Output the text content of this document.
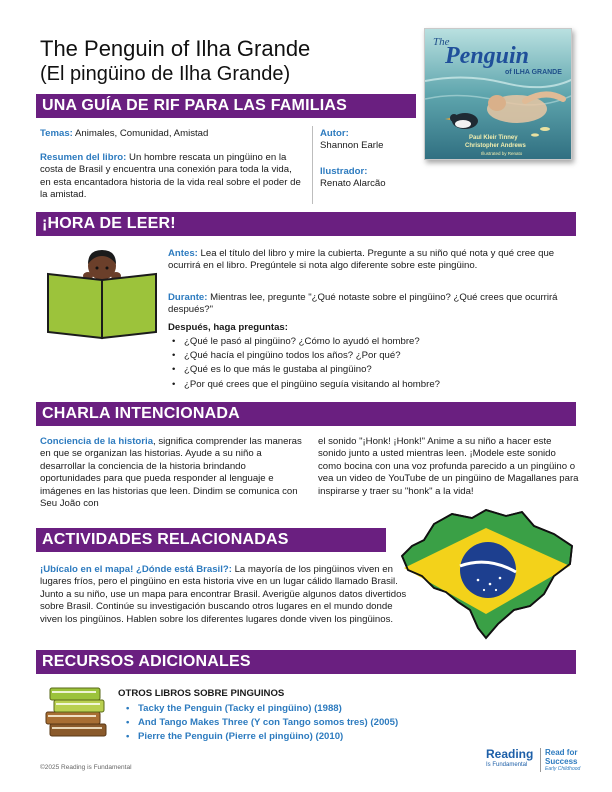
The Penguin of Ilha Grande
(El pingüino de Ilha Grande)
The
Penguin
of ILHA GRANDE
Paul Kleir Tinney
Christopher Andrews
Illustrated by Renato
UNA GUÍA DE RIF PARA LAS FAMILIAS
Temas: Animales, Comunidad, Amistad
Resumen del libro: Un hombre rescata un pingüino en la costa de Brasil y encuentra una conexión para toda la vida, en esta encantadora historia de la vida real sobre el poder de la amistad.
Autor:
Shannon Earle
Ilustrador:
Renato Alarcão
¡HORA DE LEER!
Antes: Lea el título del libro y mire la cubierta. Pregunte a su niño qué nota y qué cree que ocurrirá en el libro. Pregúntele si nota algo diferente sobre este pingüino.
Durante: Mientras lee, pregunte "¿Qué notaste sobre el pingüino? ¿Qué crees que ocurrirá después?"
Después, haga preguntas:
• ¿Qué le pasó al pingüino? ¿Cómo lo ayudó el hombre?
• ¿Qué hacía el pingüino todos los años? ¿Por qué?
• ¿Qué es lo que más le gustaba al pingüino?
• ¿Por qué crees que el pingüino seguía visitando al hombre?
CHARLA INTENCIONADA
Conciencia de la historia, significa comprender las maneras en que se organizan las historias. Ayude a su niño a desarrollar la conciencia de la historia brindando oportunidades para que pueda responder al lenguaje e imágenes en las historias que leen. Dindim se comunica con Seu João con
el sonido "¡Honk! ¡Honk!" Anime a su niño a hacer este sonido junto a usted mientras leen. ¡Modele este sonido como bocina con una voz profunda parecido a un pingüino o vea un video de YouTube de un pingüino de Magallanes para inspirarse y traer su "honk" a la vida!
ACTIVIDADES RELACIONADAS
¡Ubícalo en el mapa! ¿Dónde está Brasil?: La mayoría de los pingüinos viven en lugares fríos, pero el pingüino en esta historia vive en un lugar cálido llamado Brasil. Junto a su niño, use un mapa para encontrar Brasil. Averigüe algunos datos divertidos sobre Brasil. Continúe su investigación buscando otros lugares en el mundo donde viven los pingüinos. Hablen sobre los diferentes lugares donde viven los pingüinos.
RECURSOS ADICIONALES
OTROS LIBROS SOBRE PINGUINOS
• Tacky the Penguin (Tacky el pingüino) (1988)
• And Tango Makes Three (Y con Tango somos tres) (2005)
• Pierre the Penguin (Pierre el pingüino) (2010)
©2025 Reading is Fundamental
Reading
Is Fundamental
Read for
Success
Early Childhood
